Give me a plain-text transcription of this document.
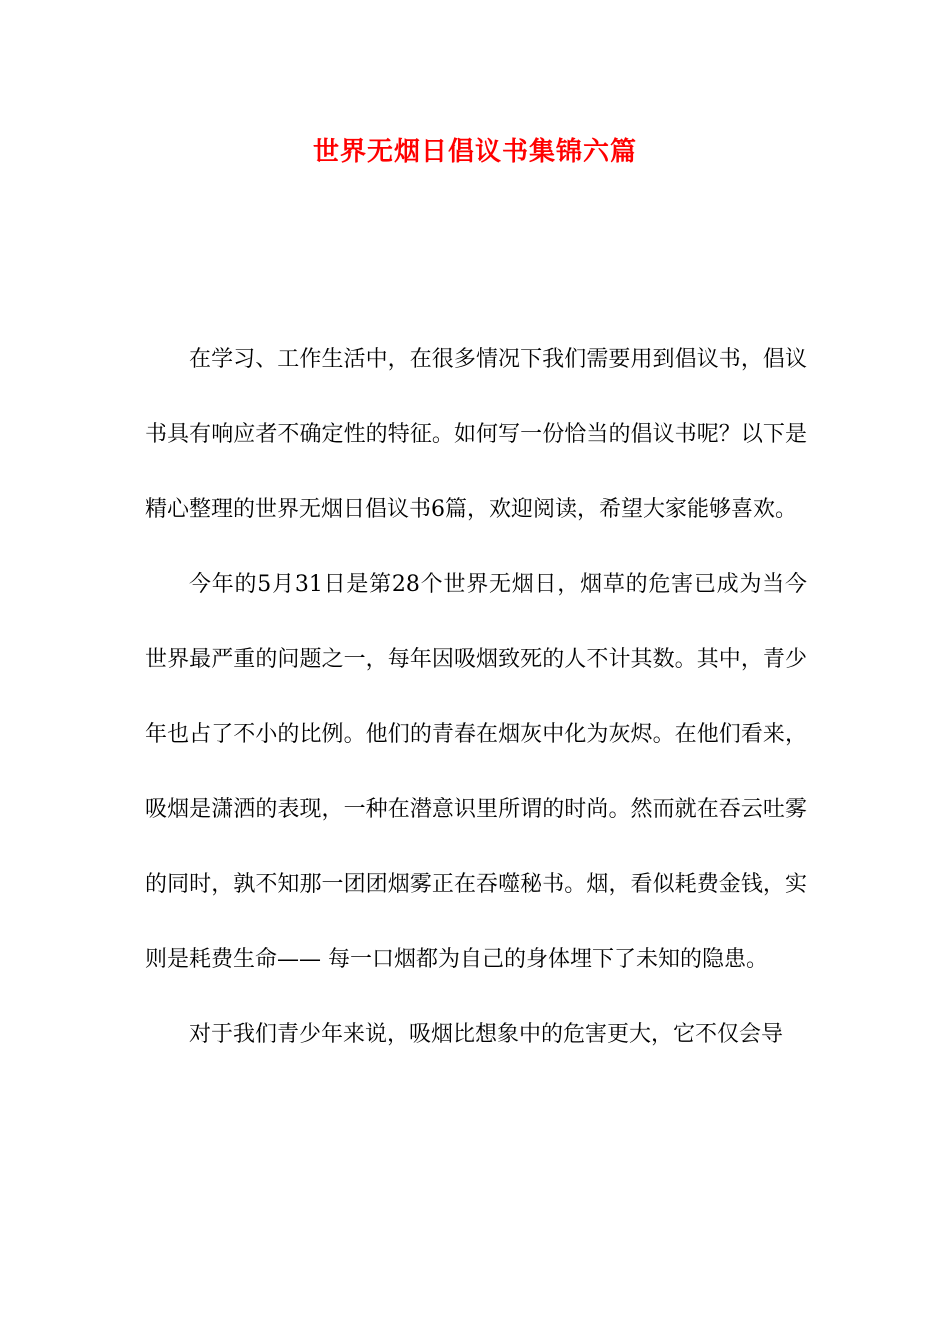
世界无烟日倡议书集锦六篇

在学习、工作生活中，在很多情况下我们需要用到倡议书，倡议书具有响应者不确定性的特征。如何写一份恰当的倡议书呢？以下是精心整理的世界无烟日倡议书6篇，欢迎阅读，希望大家能够喜欢。

今年的5月31日是第28个世界无烟日，烟草的危害已成为当今世界最严重的问题之一，每年因吸烟致死的人不计其数。其中，青少年也占了不小的比例。他们的青春在烟灰中化为灰烬。在他们看来，吸烟是潇洒的表现，一种在潜意识里所谓的时尚。然而就在吞云吐雾的同时，孰不知那一团团烟雾正在吞噬秘书。烟，看似耗费金钱，实则是耗费生命—— 每一口烟都为自己的身体埋下了未知的隐患。

对于我们青少年来说，吸烟比想象中的危害更大，它不仅会导
